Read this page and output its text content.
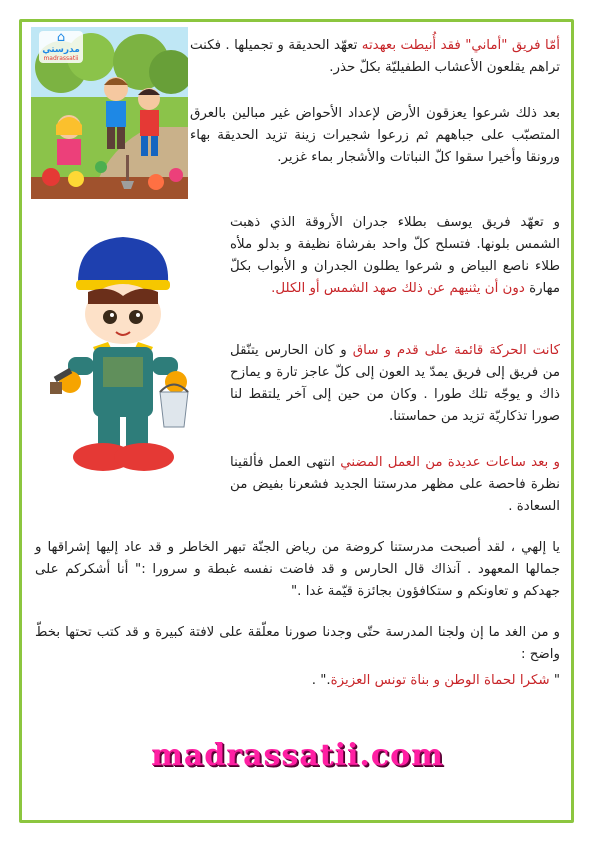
⌂
مدرستي
madrassatii

أمّا فريق "أماني" فقد أُنيطت بعهدته تعهّد الحديقة و تجميلها . فكنت تراهم يقلعون الأعشاب الطفيليّة بكلّ حذر.

بعد ذلك شرعوا يعزقون الأرض لإعداد الأحواض غير مبالين بالعرق المتصبّب على جباههم ثم زرعوا شجيرات زينة تزيد الحديقة بهاء ورونقا وأخيرا سقوا كلّ النباتات والأشجار بماء غزير.

و تعهّد فريق يوسف بطلاء جدران الأروقة الذي ذهبت الشمس بلونها. فتسلح كلّ واحد بفرشاة نظيفة و بدلو ملأه طلاء ناصع البياض و شرعوا يطلون الجدران و الأبواب بكلّ مهارة دون أن يثنيهم عن ذلك صهد الشمس أو الكلل.

كانت الحركة قائمة على قدم و ساق و كان الحارس يتنّقل من فريق إلى فريق يمدّ يد العون إلى كلّ عاجز تارة و يمازح ذاك و يوجّه تلك طورا . وكان من حين إلى آخر يلتقط لنا صورا تذكاريّة تزيد من حماستنا.

و بعد ساعات عديدة من العمل المضني انتهى العمل فألقينا نظرة فاحصة على مظهر مدرستنا الجديد فشعرنا بفيض من السعادة .

يا إلهي ، لقد أصبحت مدرستنا كروضة من رياض الجنّة تبهر الخاطر و قد عاد إليها إشراقها و جمالها المعهود . آنذاك قال الحارس و قد فاضت نفسه غبطة و سرورا :" أنا أشكركم على جهدكم و تعاونكم و ستكافؤون بجائزة قيّمة غدا ."

و من الغد ما إن ولجنا المدرسة حتّى وجدنا صورنا معلّقة على لافتة كبيرة و قد كتب تحتها بخطّ واضح :

" شكرا لحماة الوطن و بناة تونس العزيزة." .

madrassatii.com
